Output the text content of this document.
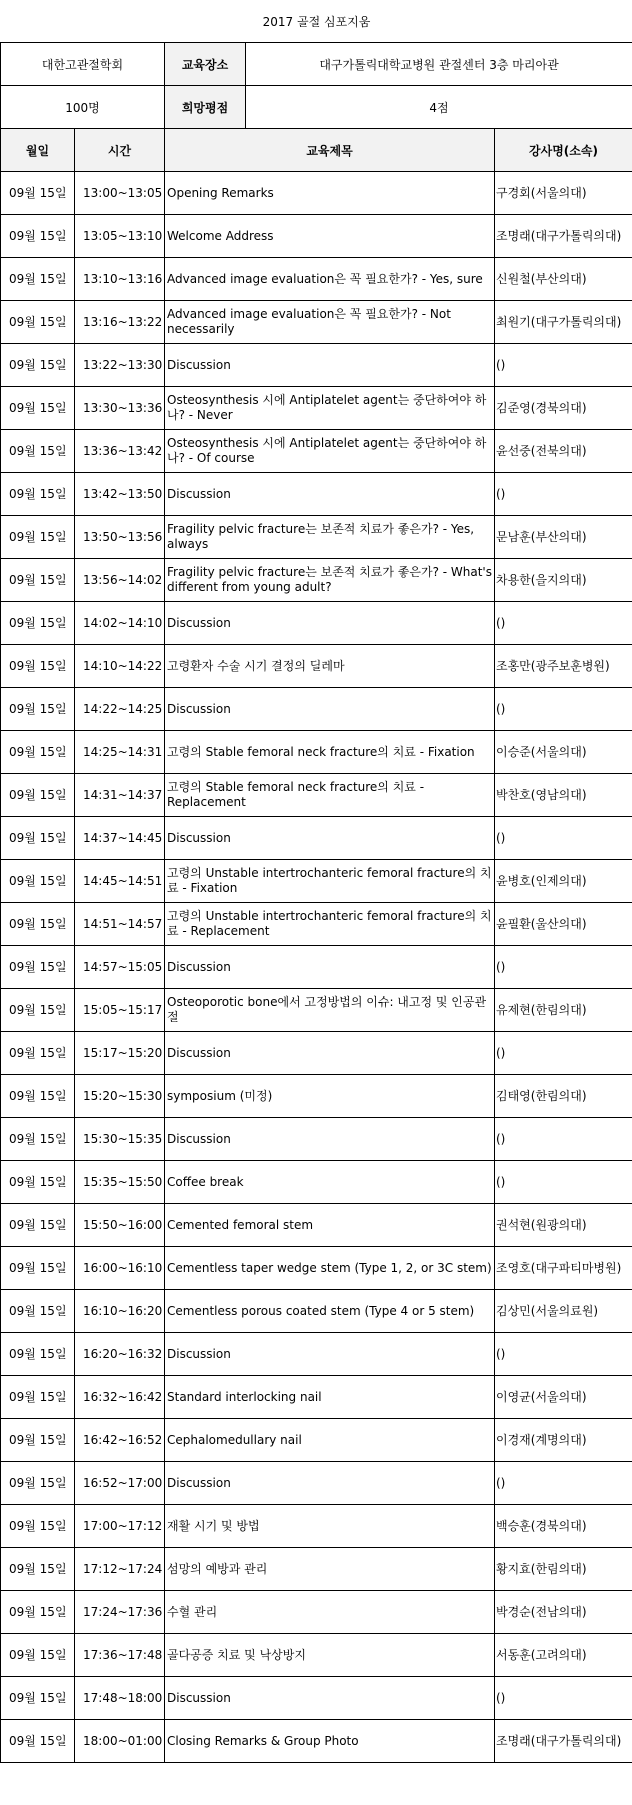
2017 골절 심포지움				
대한고관절학회		교육장소	대구가톨릭대학교병원 관절센터 3층 마리아관	
100명		희망평점	4점	
월일	시간	교육제목		강사명(소속)
09월 15일	13:00~13:05	Opening Remarks		구경회(서울의대)
09월 15일	13:05~13:10	Welcome Address		조명래(대구가톨릭의대)
09월 15일	13:10~13:16	Advanced image evaluation은 꼭 필요한가? - Yes, sure		신원철(부산의대)
09월 15일	13:16~13:22	Advanced image evaluation은 꼭 필요한가? - Not necessarily		최원기(대구가톨릭의대)
09월 15일	13:22~13:30	Discussion		()
09월 15일	13:30~13:36	Osteosynthesis 시에 Antiplatelet agent는 중단하여야 하나? - Never		김준영(경북의대)
09월 15일	13:36~13:42	Osteosynthesis 시에 Antiplatelet agent는 중단하여야 하나? - Of course		윤선중(전북의대)
09월 15일	13:42~13:50	Discussion		()
09월 15일	13:50~13:56	Fragility pelvic fracture는 보존적 치료가 좋은가? - Yes, always		문남훈(부산의대)
09월 15일	13:56~14:02	Fragility pelvic fracture는 보존적 치료가 좋은가? - What's different from young adult?		차용한(을지의대)
09월 15일	14:02~14:10	Discussion		()
09월 15일	14:10~14:22	고령환자 수술 시기 결정의 딜레마		조홍만(광주보훈병원)
09월 15일	14:22~14:25	Discussion		()
09월 15일	14:25~14:31	고령의 Stable femoral neck fracture의 치료 - Fixation		이승준(서울의대)
09월 15일	14:31~14:37	고령의 Stable femoral neck fracture의 치료 - Replacement		박찬호(영남의대)
09월 15일	14:37~14:45	Discussion		()
09월 15일	14:45~14:51	고령의 Unstable intertrochanteric femoral fracture의 치료 - Fixation		윤병호(인제의대)
09월 15일	14:51~14:57	고령의 Unstable intertrochanteric femoral fracture의 치료 - Replacement		윤필환(울산의대)
09월 15일	14:57~15:05	Discussion		()
09월 15일	15:05~15:17	Osteoporotic bone에서 고정방법의 이슈: 내고정 및 인공관절		유제현(한림의대)
09월 15일	15:17~15:20	Discussion		()
09월 15일	15:20~15:30	symposium (미정)		김태영(한림의대)
09월 15일	15:30~15:35	Discussion		()
09월 15일	15:35~15:50	Coffee break		()
09월 15일	15:50~16:00	Cemented femoral stem		권석현(원광의대)
09월 15일	16:00~16:10	Cementless taper wedge stem (Type 1, 2, or 3C stem)		조영호(대구파티마병원)
09월 15일	16:10~16:20	Cementless porous coated stem (Type 4 or 5 stem)		김상민(서울의료원)
09월 15일	16:20~16:32	Discussion		()
09월 15일	16:32~16:42	Standard interlocking nail		이영균(서울의대)
09월 15일	16:42~16:52	Cephalomedullary nail		이경재(계명의대)
09월 15일	16:52~17:00	Discussion		()
09월 15일	17:00~17:12	재활 시기 및 방법		백승훈(경북의대)
09월 15일	17:12~17:24	섬망의 예방과 관리		황지효(한림의대)
09월 15일	17:24~17:36	수혈 관리		박경순(전남의대)
09월 15일	17:36~17:48	골다공증 치료 및 낙상방지		서동훈(고려의대)
09월 15일	17:48~18:00	Discussion		()
09월 15일	18:00~01:00	Closing Remarks & Group Photo		조명래(대구가톨릭의대)
